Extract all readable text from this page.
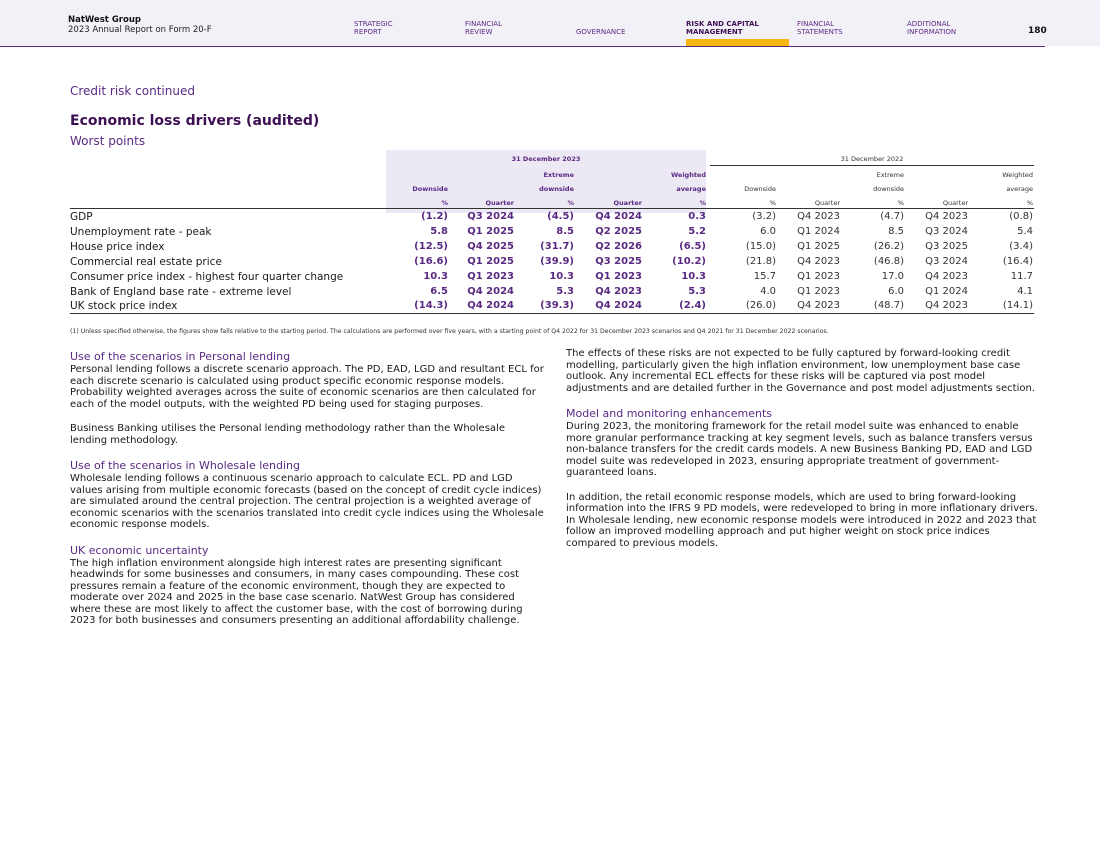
NatWest Group
2023 Annual Report on Form 20-F
STRATEGIC
REPORT
FINANCIAL
REVIEW	GOVERNANCE
RISK AND CAPITAL
MANAGEMENT
FINANCIAL
STATEMENTS
ADDITIONAL
INFORMATION	180
Credit risk continued
Economic loss drivers (audited)
Worst points
31 December 2023	31 December 2022
Downside
%	Quarter
Extreme
downside
%	Quarter
Weighted
average
%
Downside
%	Quarter
Extreme
downside
%	Quarter
Weighted
average
%
GDP	(1.2)	Q3 2024	(4.5)	Q4 2024	0.3	(3.2)	Q4 2023	(4.7)	Q4 2023	(0.8)
Unemployment rate - peak	5.8	Q1 2025	8.5	Q2 2025	5.2	6.0	Q1 2024	8.5	Q3 2024	5.4
House price index	(12.5)	Q4 2025	(31.7)	Q2 2026	(6.5)	(15.0)	Q1 2025	(26.2)	Q3 2025	(3.4)
Commercial real estate price	(16.6)	Q1 2025	(39.9)	Q3 2025	(10.2)	(21.8)	Q4 2023	(46.8)	Q3 2024	(16.4)
Consumer price index - highest four quarter change	10.3	Q1 2023	10.3	Q1 2023	10.3	15.7	Q1 2023	17.0	Q4 2023	11.7
Bank of England base rate - extreme level	6.5	Q4 2024	5.3	Q4 2023	5.3	4.0	Q1 2023	6.0	Q1 2024	4.1
UK stock price index	(14.3)	Q4 2024	(39.3)	Q4 2024	(2.4)	(26.0)	Q4 2023	(48.7)	Q4 2023	(14.1)
(1) Unless specified otherwise, the figures show falls relative to the starting period. The calculations are performed over five years, with a starting point of Q4 2022 for 31 December 2023 scenarios and Q4 2021 for 31 December 2022 scenarios.
Use of the scenarios in Personal lending
Personal lending follows a discrete scenario approach. The PD, EAD, LGD and resultant ECL for each discrete scenario is calculated using product specific economic response models. Probability weighted averages across the suite of economic scenarios are then calculated for each of the model outputs, with the weighted PD being used for staging purposes.
Business Banking utilises the Personal lending methodology rather than the Wholesale lending methodology.
Use of the scenarios in Wholesale lending
Wholesale lending follows a continuous scenario approach to calculate ECL. PD and LGD values arising from multiple economic forecasts (based on the concept of credit cycle indices) are simulated around the central projection. The central projection is a weighted average of economic scenarios with the scenarios translated into credit cycle indices using the Wholesale economic response models.
UK economic uncertainty
The high inflation environment alongside high interest rates are presenting significant headwinds for some businesses and consumers, in many cases compounding. These cost pressures remain a feature of the economic environment, though they are expected to moderate over 2024 and 2025 in the base case scenario. NatWest Group has considered where these are most likely to affect the customer base, with the cost of borrowing during 2023 for both businesses and consumers presenting an additional affordability challenge.
The effects of these risks are not expected to be fully captured by forward-looking credit modelling, particularly given the high inflation environment, low unemployment base case outlook. Any incremental ECL effects for these risks will be captured via post model adjustments and are detailed further in the Governance and post model adjustments section.
Model and monitoring enhancements
During 2023, the monitoring framework for the retail model suite was enhanced to enable more granular performance tracking at key segment levels, such as balance transfers versus non-balance transfers for the credit cards models. A new Business Banking PD, EAD and LGD model suite was redeveloped in 2023, ensuring appropriate treatment of government-guaranteed loans.
In addition, the retail economic response models, which are used to bring forward-looking information into the IFRS 9 PD models, were redeveloped to bring in more inflationary drivers. In Wholesale lending, new economic response models were introduced in 2022 and 2023 that follow an improved modelling approach and put higher weight on stock price indices compared to previous models.
